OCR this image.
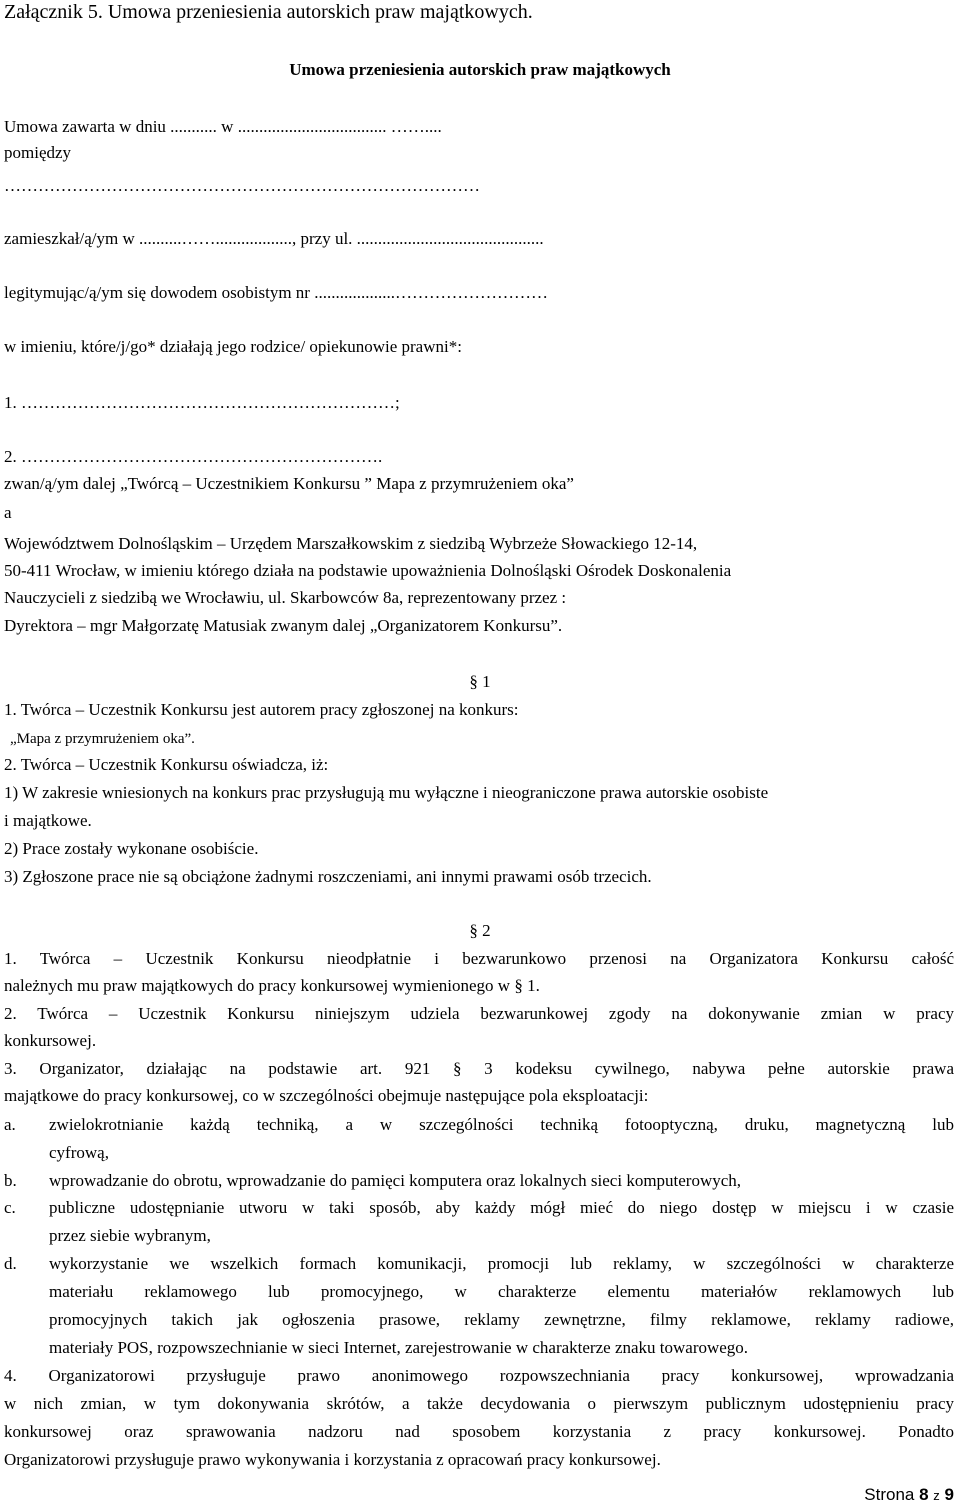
Załącznik 5. Umowa przeniesienia autorskich praw majątkowych.
Umowa przeniesienia autorskich praw majątkowych
Umowa zawarta w dniu ........... w ................................... ……....
pomiędzy
…………………………………………………………………………
zamieszkał/ą/ym w ..........…….................., przy ul. ............................................
legitymując/ą/ym się dowodem osobistym nr ...................………………………
w imieniu, które/j/go* działają jego rodzice/ opiekunowie prawni*:
1. …………………………………………………………;
2. ……………………………………………………….
zwan/ą/ym dalej „Twórcą – Uczestnikiem Konkursu ” Mapa z przymrużeniem oka”
a
Województwem Dolnośląskim – Urzędem Marszałkowskim z siedzibą Wybrzeże Słowackiego 12-14,
50-411 Wrocław, w imieniu którego działa na podstawie upoważnienia Dolnośląski Ośrodek Doskonalenia
Nauczycieli z siedzibą we Wrocławiu, ul. Skarbowców 8a, reprezentowany przez :
Dyrektora – mgr Małgorzatę Matusiak zwanym dalej „Organizatorem Konkursu”.
§ 1
1. Twórca – Uczestnik Konkursu jest autorem pracy zgłoszonej na konkurs:
„Mapa z przymrużeniem oka”.
2. Twórca – Uczestnik Konkursu oświadcza, iż:
1) W zakresie wniesionych na konkurs prac przysługują mu wyłączne i nieograniczone prawa autorskie osobiste
i majątkowe.
2) Prace zostały wykonane osobiście.
3) Zgłoszone prace nie są obciążone żadnymi roszczeniami, ani innymi prawami osób trzecich.
§ 2
1. Twórca – Uczestnik Konkursu nieodpłatnie i bezwarunkowo przenosi na Organizatora Konkursu całość
należnych mu praw majątkowych do pracy konkursowej wymienionego w § 1.
2. Twórca – Uczestnik Konkursu niniejszym udziela bezwarunkowej zgody na dokonywanie zmian w pracy
konkursowej.
3. Organizator, działając na podstawie art. 921 § 3 kodeksu cywilnego, nabywa pełne autorskie prawa
majątkowe do pracy konkursowej, co w szczególności obejmuje następujące pola eksploatacji:
a. zwielokrotnianie każdą techniką, a w szczególności techniką fotooptyczną, druku, magnetyczną lub
cyfrową,
b. wprowadzanie do obrotu, wprowadzanie do pamięci komputera oraz lokalnych sieci komputerowych,
c. publiczne udostępnianie utworu w taki sposób, aby każdy mógł mieć do niego dostęp w miejscu i w czasie
przez siebie wybranym,
d. wykorzystanie we wszelkich formach komunikacji, promocji lub reklamy, w szczególności w charakterze
materiału reklamowego lub promocyjnego, w charakterze elementu materiałów reklamowych lub
promocyjnych takich jak ogłoszenia prasowe, reklamy zewnętrzne, filmy reklamowe, reklamy radiowe,
materiały POS, rozpowszechnianie w sieci Internet, zarejestrowanie w charakterze znaku towarowego.
4. Organizatorowi przysługuje prawo anonimowego rozpowszechniania pracy konkursowej, wprowadzania
w nich zmian, w tym dokonywania skrótów, a także decydowania o pierwszym publicznym udostępnieniu pracy
konkursowej oraz sprawowania nadzoru nad sposobem korzystania z pracy konkursowej. Ponadto
Organizatorowi przysługuje prawo wykonywania i korzystania z opracowań pracy konkursowej.
Strona 8 z 9
